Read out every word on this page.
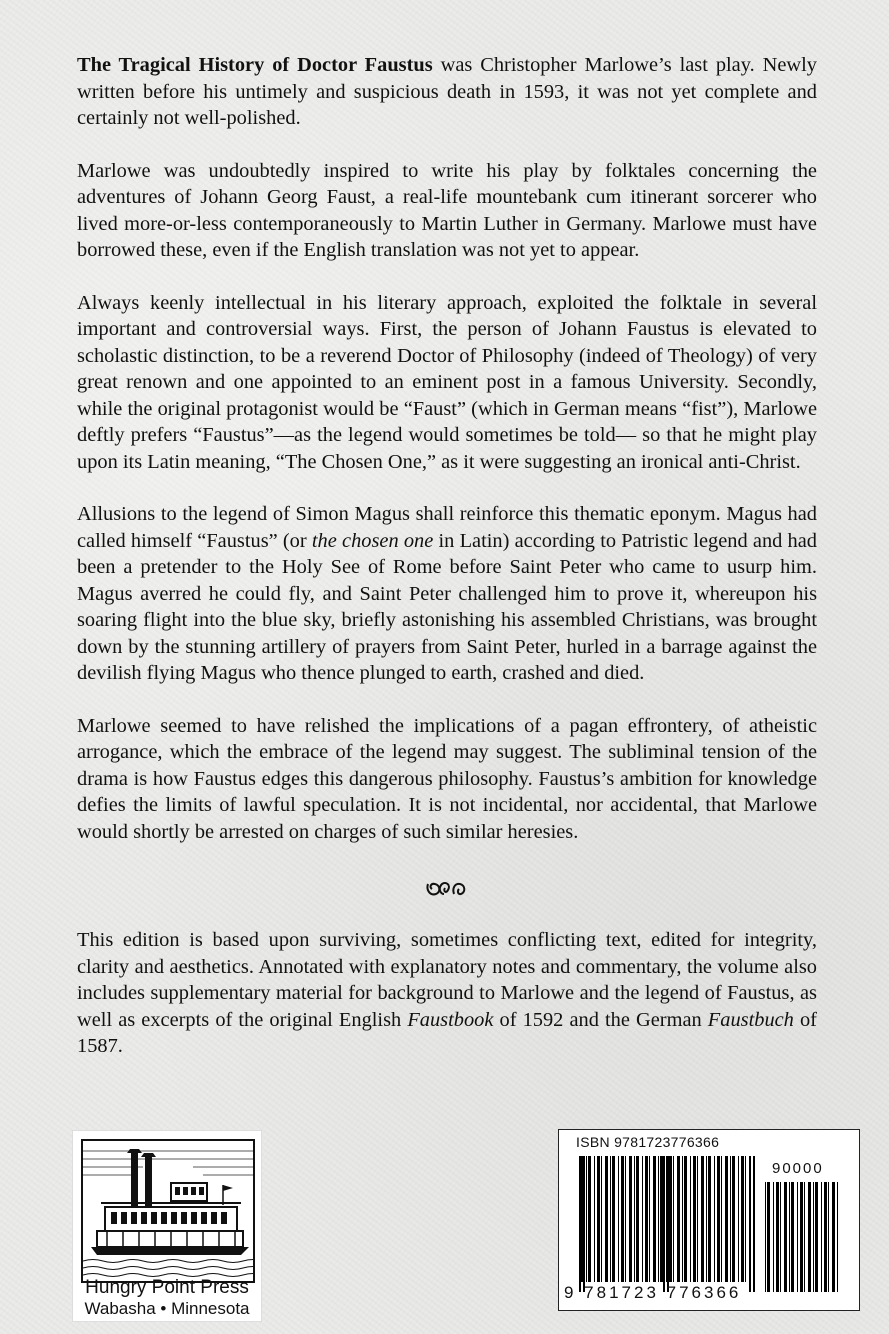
The Tragical History of Doctor Faustus was Christopher Marlowe’s last play. Newly written before his untimely and suspicious death in 1593, it was not yet complete and certainly not well-polished.

Marlowe was undoubtedly inspired to write his play by folktales concerning the adventures of Johann Georg Faust, a real-life mountebank cum itinerant sorcerer who lived more-or-less contemporaneously to Martin Luther in Germany. Marlowe must have borrowed these, even if the English translation was not yet to appear.

Always keenly intellectual in his literary approach, exploited the folktale in several important and controversial ways. First, the person of Johann Faustus is elevated to scholastic distinction, to be a reverend Doctor of Philosophy (indeed of Theology) of very great renown and one appointed to an eminent post in a famous University. Secondly, while the original protagonist would be “Faust” (which in German means “fist”), Marlowe deftly prefers “Faustus”—as the legend would sometimes be told— so that he might play upon its Latin meaning, “The Chosen One,” as it were suggesting an ironical anti-Christ.

Allusions to the legend of Simon Magus shall reinforce this thematic eponym. Magus had called himself “Faustus” (or the chosen one in Latin) according to Patristic legend and had been a pretender to the Holy See of Rome before Saint Peter who came to usurp him. Magus averred he could fly, and Saint Peter challenged him to prove it, whereupon his soaring flight into the blue sky, briefly astonishing his assembled Christians, was brought down by the stunning artillery of prayers from Saint Peter, hurled in a barrage against the devilish flying Magus who thence plunged to earth, crashed and died.

Marlowe seemed to have relished the implications of a pagan effrontery, of atheistic arrogance, which the embrace of the legend may suggest. The subliminal tension of the drama is how Faustus edges this dangerous philosophy. Faustus’s ambition for knowledge defies the limits of lawful speculation. It is not incidental, nor accidental, that Marlowe would shortly be arrested on charges of such similar heresies.

This edition is based upon surviving, sometimes conflicting text, edited for integrity, clarity and aesthetics. Annotated with explanatory notes and commentary, the volume also includes supplementary material for background to Marlowe and the legend of Faustus, as well as excerpts of the original English Faustbook of 1592 and the German Faustbuch of 1587.

Hungry Point Press
Wabasha • Minnesota
ISBN 9781723776366
90000
9 781723 776366
